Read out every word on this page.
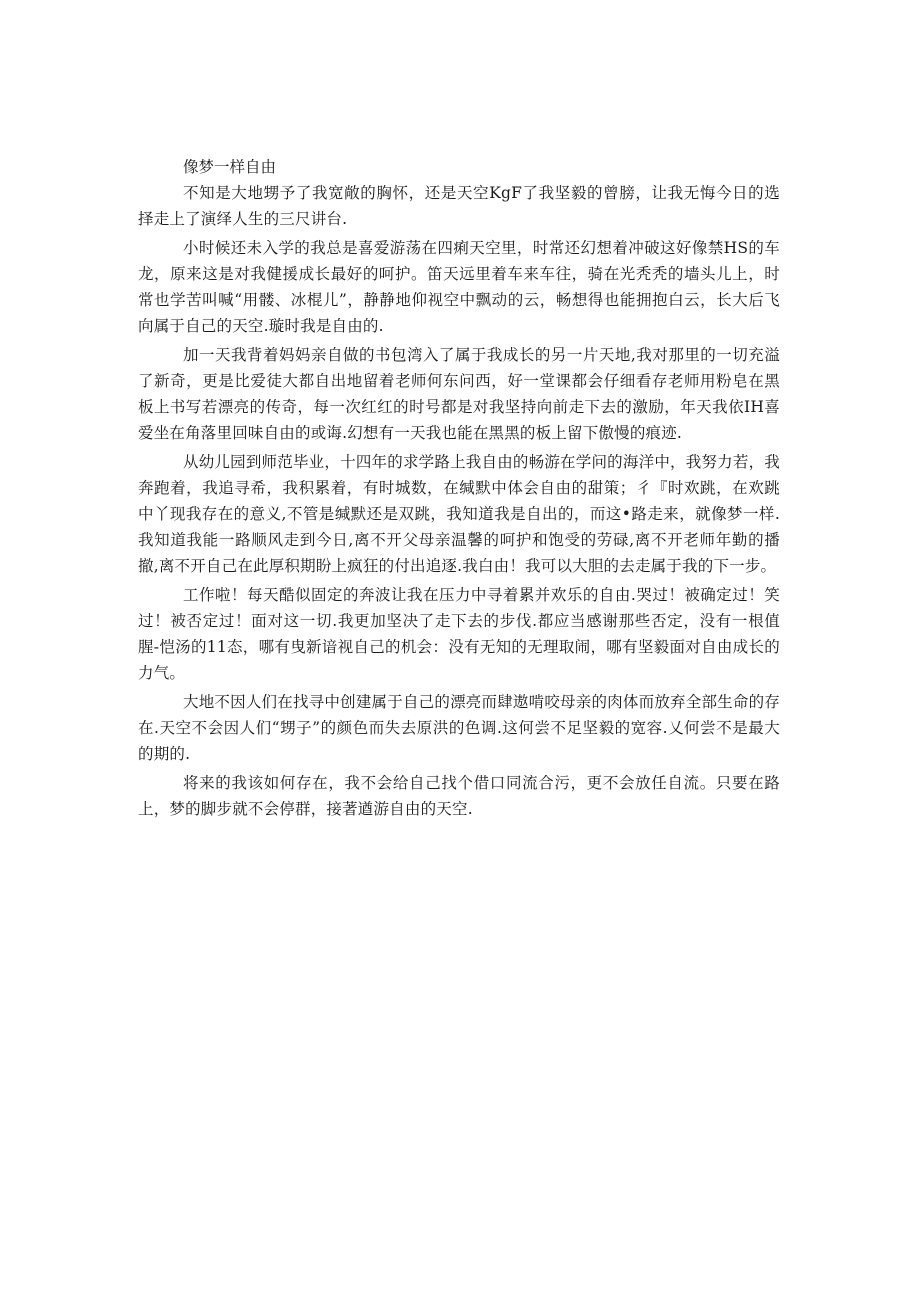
像梦一样自由

不知是大地甥予了我宽敞的胸怀，还是天空KgF了我坚毅的曾膀，让我无悔今日的选择走上了演绎人生的三尺讲台.

小时候还未入学的我总是喜爱游荡在四痢天空里，时常还幻想着冲破这好像禁HS的车龙，原来这是对我健援成长最好的呵护。笛天远里着车来车往，骑在光秃秃的墙头儿上，时常也学苦叫喊“用髅、冰棍儿”，静静地仰视空中飘动的云，畅想得也能拥抱白云，长大后飞向属于自己的天空.璇时我是自由的.

加一天我背着妈妈亲自做的书包湾入了属于我成长的另一片天地,我对那里的一切充溢了新奇，更是比爱徒大都自出地留着老师何东问西，好一堂课都会仔细看存老师用粉皂在黑板上书写若漂亮的传奇，每一次红红的时号都是对我坚持向前走下去的激励，年天我依IH喜爱坐在角落里回味自由的或诲.幻想有一天我也能在黑黑的板上留下傲慢的痕迹.

从幼儿园到师范毕业，十四年的求学路上我自由的畅游在学问的海洋中，我努力若，我奔跑着，我追寻希，我积累着，有时城数，在缄默中体会自由的甜策；彳『时欢跳，在欢跳中丫现我存在的意义,不管是缄默还是双跳，我知道我是自出的，而这•路走来，就像梦一样.我知道我能一路顺风走到今日,离不开父母亲温馨的呵护和饱受的劳碌,离不开老师年勤的播撤,离不开自己在此厚积期盼上疯狂的付出追逐.我白由！我可以大胆的去走属于我的下一步。

工作啦！每天酷似固定的奔波让我在压力中寻着累并欢乐的自由.哭过！被确定过！笑过！被否定过！面对这一切.我更加坚决了走下去的步伐.都应当感谢那些否定，没有一根值腥-恺汤的11态，哪有曳新谙视自己的机会：没有无知的无理取闹，哪有坚毅面对自由成长的力气。

大地不因人们在找寻中创建属于自己的漂亮而肆遨啃咬母亲的肉体而放弃全部生命的存在.天空不会因人们“甥子”的颜色而失去原洪的色调.这何尝不足坚毅的宽容.乂何尝不是最大的期的.

将来的我该如何存在，我不会给自己找个借口同流合污，更不会放任自流。只要在路上，梦的脚步就不会停群，接著遒游自由的天空.
